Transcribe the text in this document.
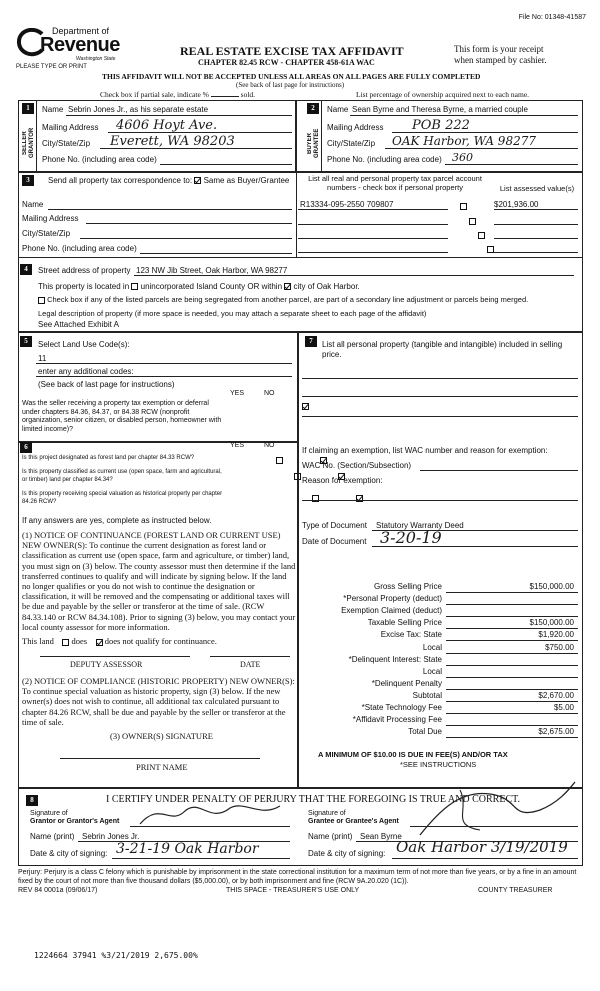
File No: 01348-41587
Department of
Revenue
Washington State
PLEASE TYPE OR PRINT
REAL ESTATE EXCISE TAX AFFIDAVIT
CHAPTER 82.45 RCW - CHAPTER 458-61A WAC
This form is your receipt
when stamped by cashier.
THIS AFFIDAVIT WILL NOT BE ACCEPTED UNLESS ALL AREAS ON ALL PAGES ARE FULLY COMPLETED
(See back of last page for instructions)
Check box if partial sale, indicate %	sold.	List percentage of ownership acquired next to each name.
1	2
SELLER GRANTOR	BUYER GRANTEE
Name Sebrin Jones Jr., as his separate estate
Mailing Address 4606 Hoyt Ave.
City/State/Zip Everett, WA 98203
Phone No. (including area code)
Name Sean Byrne and Theresa Byrne, a married couple
Mailing Address POB 222
City/State/Zip OAK Harbor, WA 98277
Phone No. (including area code) 360
3	Send all property tax correspondence to: Same as Buyer/Grantee
Name
Mailing Address
City/State/Zip
Phone No. (including area code)
List all real and personal property tax parcel account numbers - check box if personal property	List assessed value(s)
R13334-095-2550 709807	$201,936.00

4	Street address of property 123 NW Jib Street, Oak Harbor, WA 98277
This property is located in unincorporated Island County OR within city of Oak Harbor.
Check box if any of the listed parcels are being segregated from another parcel, are part of a secondary line adjustment or parcels being merged.
Legal description of property (if more space is needed, you may attach a separate sheet to each page of the affidavit)
See Attached Exhibit A
5	Select Land Use Code(s):
11
enter any additional codes:
(See back of last page for instructions)
YES	NO
Was the seller receiving a property tax exemption or deferral under chapters 84.36, 84.37, or 84.38 RCW (nonprofit organization, senior citizen, or disabled person, homeowner with limited income)?

6	YES	NO
Is this project designated as forest land per chapter 84.33 RCW?

Is this property classified as current use (open space, farm and agricultural, or timber) land per chapter 84.34?

Is this property receiving special valuation as historical property per chapter 84.26 RCW?

If any answers are yes, complete as instructed below.
(1) NOTICE OF CONTINUANCE (FOREST LAND OR CURRENT USE) NEW OWNER(S): To continue the current designation as forest land or classification as current use (open space, farm and agriculture, or timber) land, you must sign on (3) below. The county assessor must then determine if the land transferred continues to qualify and will indicate by signing below. If the land no longer qualifies or you do not wish to continue the designation or classification, it will be removed and the compensating or additional taxes will be due and payable by the seller or transferor at the time of sale. (RCW 84.33.140 or RCW 84.34.108). Prior to signing (3) below, you may contact your local county assessor for more information.
This land does does not qualify for continuance.
DEPUTY ASSESSOR	DATE
(2) NOTICE OF COMPLIANCE (HISTORIC PROPERTY) NEW OWNER(S): To continue special valuation as historic property, sign (3) below. If the new owner(s) does not wish to continue, all additional tax calculated pursuant to chapter 84.26 RCW, shall be due and payable by the seller or transferor at the time of sale.
(3) OWNER(S) SIGNATURE
PRINT NAME
7	List all personal property (tangible and intangible) included in selling price.
If claiming an exemption, list WAC number and reason for exemption:
WAC No. (Section/Subsection)
Reason for exemption:
Type of Document Statutory Warranty Deed
Date of Document 3-20-19
Gross Selling Price	$150,000.00
*Personal Property (deduct)
Exemption Claimed (deduct)
Taxable Selling Price	$150,000.00
Excise Tax: State	$1,920.00
Local	$750.00
*Delinquent Interest: State
Local
*Delinquent Penalty
Subtotal	$2,670.00
*State Technology Fee	$5.00
*Affidavit Processing Fee
Total Due	$2,675.00
A MINIMUM OF $10.00 IS DUE IN FEE(S) AND/OR TAX
*SEE INSTRUCTIONS
8	I CERTIFY UNDER PENALTY OF PERJURY THAT THE FOREGOING IS TRUE AND CORRECT.
Signature of
Grantor or Grantor's Agent
Name (print) Sebrin Jones Jr.
Date & city of signing: 3-21-19 Oak Harbor
Signature of
Grantee or Grantee's Agent
Name (print) Sean Byrne
Date & city of signing: Oak Harbor 3/19/2019
Perjury: Perjury is a class C felony which is punishable by imprisonment in the state correctional institution for a maximum term of not more than five years, or by a fine in an amount fixed by the court of not more than five thousand dollars ($5,000.00), or by both imprisonment and fine (RCW 9A.20.020 (1C)).
REV 84 0001a (09/06/17)	THIS SPACE - TREASURER'S USE ONLY	COUNTY TREASURER
1224664 37941 %3/21/2019 2,675.00%
